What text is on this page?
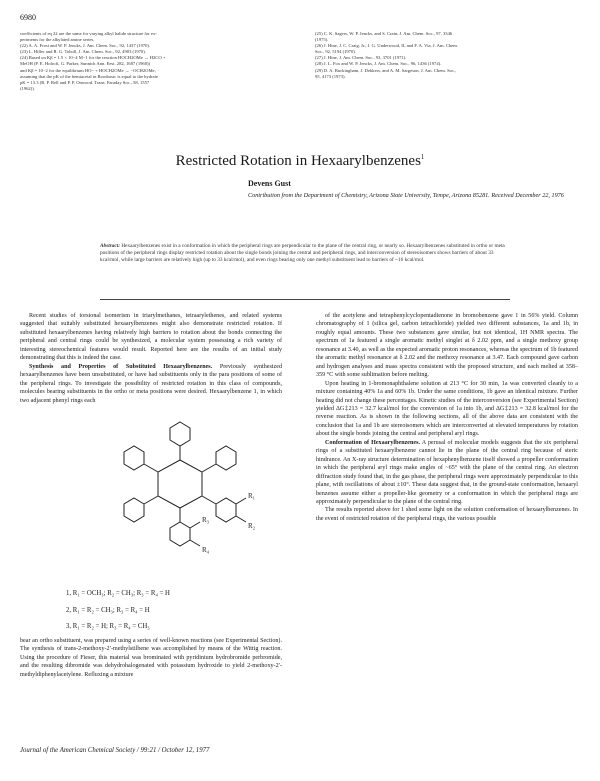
6980

coefficients of eq 22 are the same for varying alkyl halide structure for ex-

periments for the alkylated amine series.

(22) A. A. Frost and W. P. Jencks, J. Am. Chem. Soc., 92, 1437 (1970).

(23) L. Hiller and R. G. Toboll, J. Am. Chem. Soc., 92, 4903 (1970).

(24) Based on Kβ = 1.5 × 10−4 M−1 for the reaction HOCH2OMe → H2CO +

MeOH (P. E. Holroft, G. Parker, Sunnich Ann. Eest. 282, 1687 (1960))

and Kβ = 10−2 for the equilibrium HO− + HOCH2OMe → −OCH2OMe,

assuming that the pK of the hemiacetal in Boodrasic is equal to the hydrate

pK = 13.3 (R. P. Bell and P. P. Onwood. Trans. Faraday Soc., 58, 1557

(1962)).

(25) C. K. Sagers, W. P. Jencks, and S. Crain, J. Am. Chem. Soc., 97, 3346

(1975).

(26) J. Hine, J. C. Craig, Jr., J. G. Underwood, II, and F. A. Via, J. Am. Chem.

Soc., 92, 5194 (1970).

(27) J. Hine, J. Am. Chem. Soc., 93, 3701 (1971).

(28) J. L. Fox and W. P. Jencks, J. Am. Chem. Soc., 96, 1436 (1974).

(29) D. A. Buckingham, J. Dekkers, and A. M. Sargeson, J. Am. Chem. Soc.,

95, 4173 (1973).

Restricted Rotation in Hexaarylbenzenes$^1$
Devens Gust
Contribution from the Department of Chemistry, Arizona State University, Tempe, Arizona 85281. Received December 22, 1976
Abstract: Hexaarylbenzenes exist in a conformation in which the peripheral rings are perpendicular to the plane of the central ring, or nearly so. Hexaarylbenzenes substituted in ortho or meta positions of the peripheral rings display restricted rotation about the single bonds joining the central and peripheral rings, and interconversion of stereoisomers shows barriers of about 33 kcal/mol, while large barriers are relatively high (up to 33 kcal/mol), and even rings bearing only one methyl substituent lead to barriers of ~16 kcal/mol.

Recent studies of torsional isomerism in triarylmethanes, tetraarylethenes, and related systems suggested that suitably substituted hexaarylbenzenes might also demonstrate restricted rotation. If substituted hexaarylbenzenes having relatively high barriers to rotation about the bonds connecting the peripheral and central rings could be synthesized, a molecular system possessing a rich variety of interesting stereochemical features would result. Reported here are the results of an initial study demonstrating that this is indeed the case.

Synthesis and Properties of Substituted Hexaarylbenzenes. Previously synthesized hexaarylbenzenes have been unsubstituted, or have had substituents only in the para positions of some of the peripheral rings. To investigate the possibility of restricted rotation in this class of compounds, molecules bearing substituents in the ortho or meta positions were desired. Hexaarylbenzene 1, in which two adjacent phenyl rings each

R₁
R₂
R₃
R₄
1, R₁ = OCH₃; R₂ = CH₃; R₃ = R₄ = H
2, R₁ = R₂ = CH₃; R₃ = R₄ = H
3, R₁ = R₂ = H; R₃ = R₄ = CH₃
bear an ortho substituent, was prepared using a series of well-known reactions (see Experimental Section). The synthesis of trans-2-methoxy-2′-methylstilbene was accomplished by means of the Wittig reaction. Using the procedure of Fieser, this material was brominated with pyridinium hydrobromide perbromide, and the resulting dibromide was dehydrohalogenated with potassium hydroxide to yield 2-methoxy-2′-methyldiphenylacetylene. Refluxing a mixture

of the acetylene and tetraphenylcyclopentadienone in bromobenzene gave 1 in 56% yield. Column chromatography of 1 (silica gel, carbon tetrachloride) yielded two different substances, 1a and 1b, in roughly equal amounts. These two substances gave similar, but not identical, 1H NMR spectra. The spectrum of 1a featured a single aromatic methyl singlet at δ 2.02 ppm, and a single methoxy group resonance at 3.40, as well as the expected aromatic proton resonances, whereas the spectrum of 1b featured the aromatic methyl resonance at δ 2.02 and the methoxy resonance at 3.47. Each compound gave carbon and hydrogen analyses and mass spectra consistent with the proposed structure, and each melted at 358–359 °C with some sublimation before melting.

Upon heating in 1-bromonaphthalene solution at 213 °C for 30 min, 1a was converted cleanly to a mixture containing 40% 1a and 60% 1b. Under the same conditions, 1b gave an identical mixture. Further heating did not change these percentages. Kinetic studies of the interconversion (see Experimental Section) yielded ΔG‡213 = 32.7 kcal/mol for the conversion of 1a into 1b, and ΔG‡213 = 32.8 kcal/mol for the reverse reaction. As is shown in the following sections, all of the above data are consistent with the conclusion that 1a and 1b are stereoisomers which are interconverted at elevated temperatures by rotation about the single bonds joining the central and peripheral aryl rings.

Conformation of Hexaarylbenzenes. A perusal of molecular models suggests that the six peripheral rings of a substituted hexaarylbenzene cannot lie in the plane of the central ring because of steric hindrance. An X-ray structure determination of hexaphenylbenzene itself showed a propeller conformation in which the peripheral aryl rings make angles of ~65° with the plane of the central ring. An electron diffraction study found that, in the gas phase, the peripheral rings were approximately perpendicular to this plane, with oscillations of about ±10°. These data suggest that, in the ground-state conformation, hexaaryl benzenes assume either a propeller-like geometry or a conformation in which the peripheral rings are approximately perpendicular to the plane of the central ring.

The results reported above for 1 shed some light on the solution conformation of hexaarylbenzenes. In the event of restricted rotation of the peripheral rings, the various possible

Journal of the American Chemical Society / 99:21 / October 12, 1977
